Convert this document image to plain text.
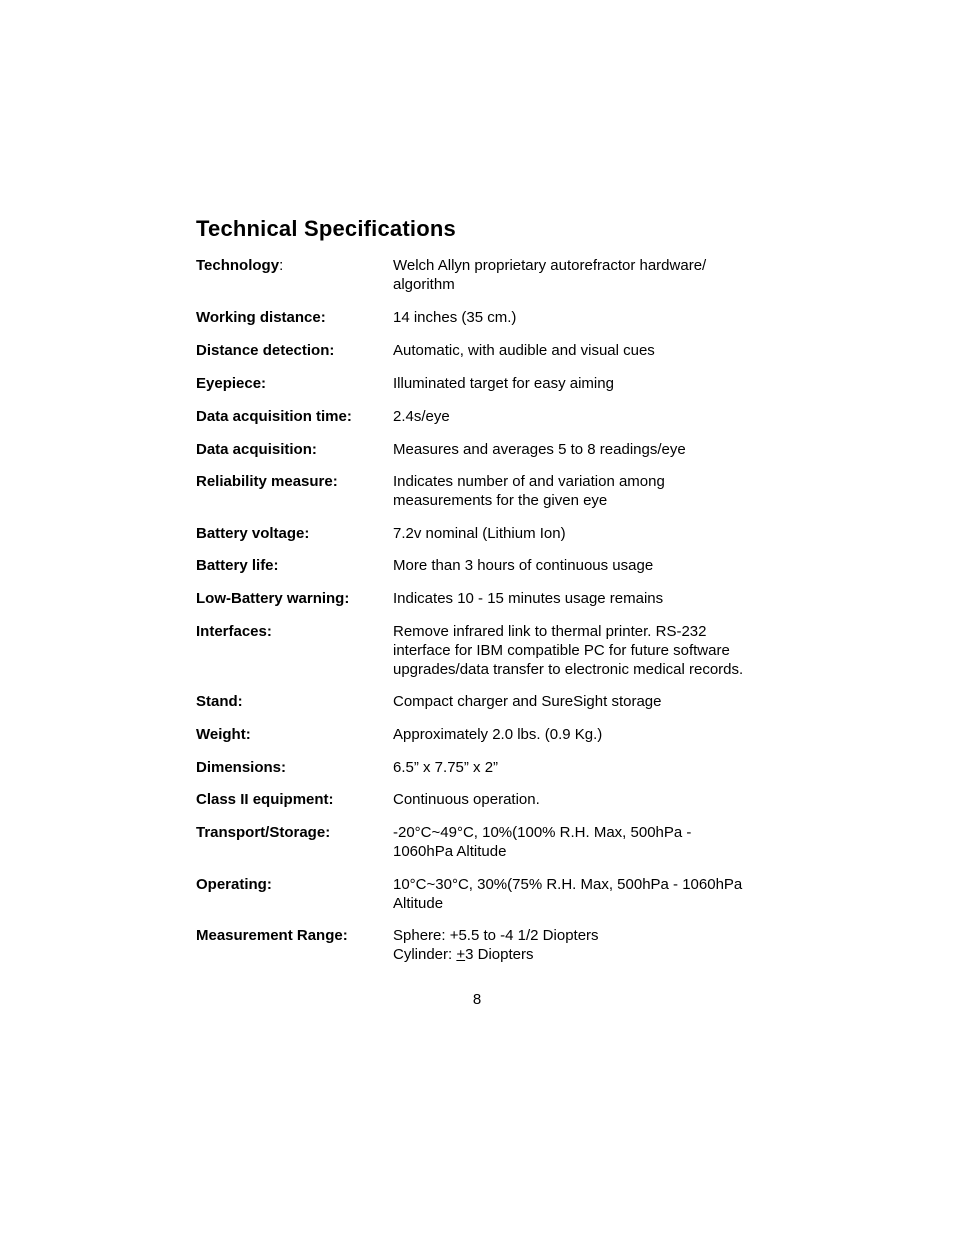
Technical Specifications
Technology:	Welch Allyn proprietary autorefractor hardware/
algorithm
Working distance:	14 inches (35 cm.)
Distance detection:	Automatic, with audible and visual cues
Eyepiece:	Illuminated target for easy aiming
Data acquisition time:	2.4s/eye
Data acquisition:	Measures and averages 5 to 8 readings/eye
Reliability measure:	Indicates number of and variation among
measurements for the given eye
Battery voltage:	7.2v nominal (Lithium Ion)
Battery life:	More than 3 hours of continuous usage
Low-Battery warning:	Indicates 10 - 15 minutes usage remains
Interfaces:	Remove infrared link to thermal printer. RS-232
interface for IBM compatible PC for future software
upgrades/data transfer to electronic medical records.
Stand:	Compact charger and SureSight storage
Weight:	Approximately 2.0 lbs. (0.9 Kg.)
Dimensions:	6.5” x 7.75” x 2”
Class II equipment:	Continuous operation.
Transport/Storage:	-20°C~49°C, 10%(100% R.H. Max, 500hPa -
1060hPa Altitude
Operating:	10°C~30°C, 30%(75% R.H. Max, 500hPa - 1060hPa
Altitude
Measurement Range:	Sphere: +5.5 to -4 1/2 Diopters
Cylinder: +3 Diopters
8
